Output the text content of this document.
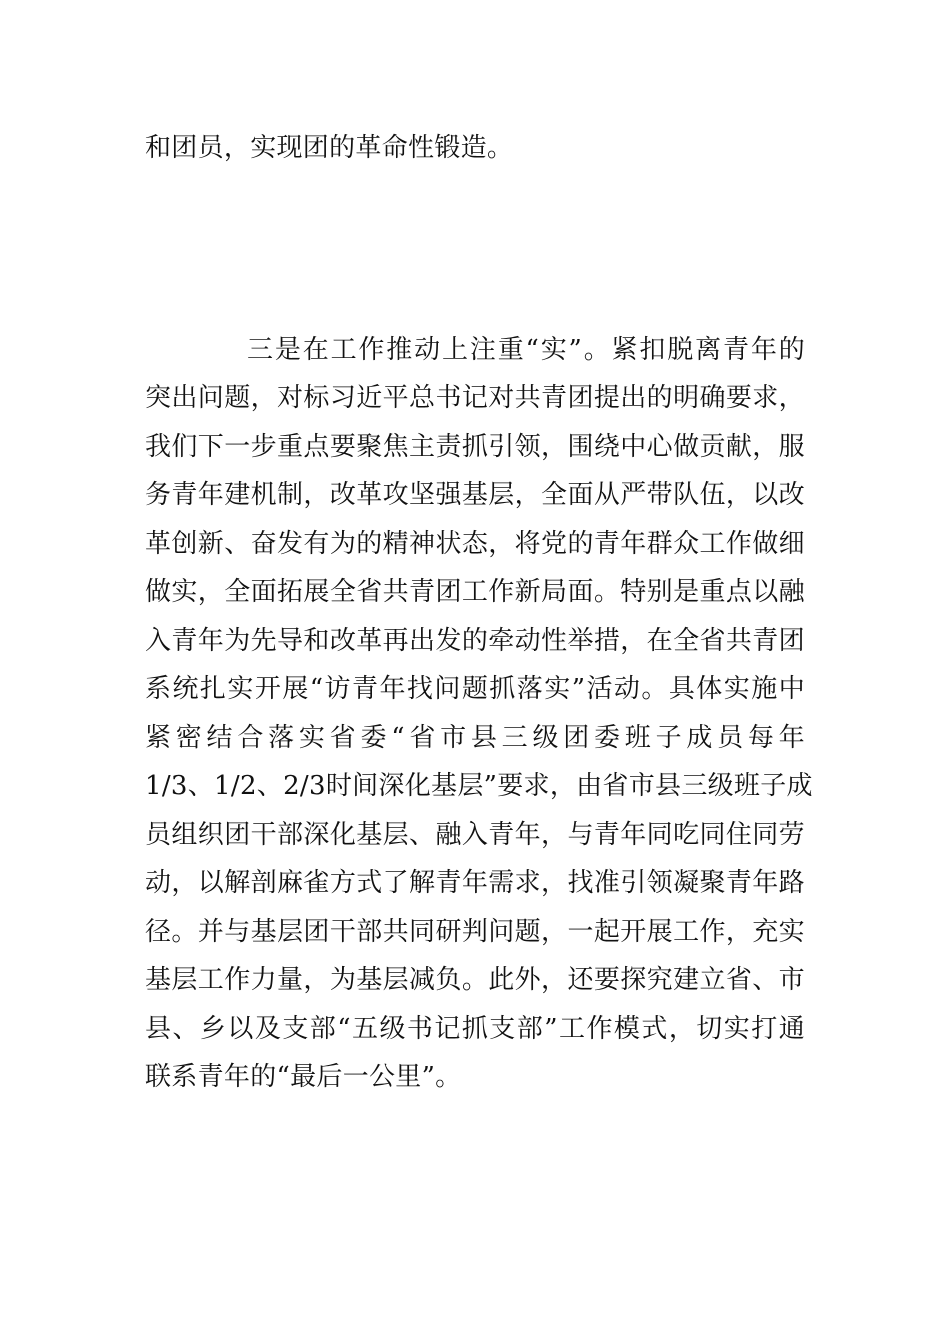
和团员，实现团的革命性锻造。
三是在工作推动上注重“实”。紧扣脱离青年的
突出问题，对标习近平总书记对共青团提出的明确要求，
我们下一步重点要聚焦主责抓引领，围绕中心做贡献，服
务青年建机制，改革攻坚强基层，全面从严带队伍，以改
革创新、奋发有为的精神状态，将党的青年群众工作做细
做实，全面拓展全省共青团工作新局面。特别是重点以融
入青年为先导和改革再出发的牵动性举措，在全省共青团
系统扎实开展“访青年找问题抓落实”活动。具体实施中
紧密结合落实省委“省市县三级团委班子成员每年
1/3、1/2、2/3时间深化基层”要求，由省市县三级班子成
员组织团干部深化基层、融入青年，与青年同吃同住同劳
动，以解剖麻雀方式了解青年需求，找准引领凝聚青年路
径。并与基层团干部共同研判问题，一起开展工作，充实
基层工作力量，为基层减负。此外，还要探究建立省、市
县、乡以及支部“五级书记抓支部”工作模式，切实打通
联系青年的“最后一公里”。
